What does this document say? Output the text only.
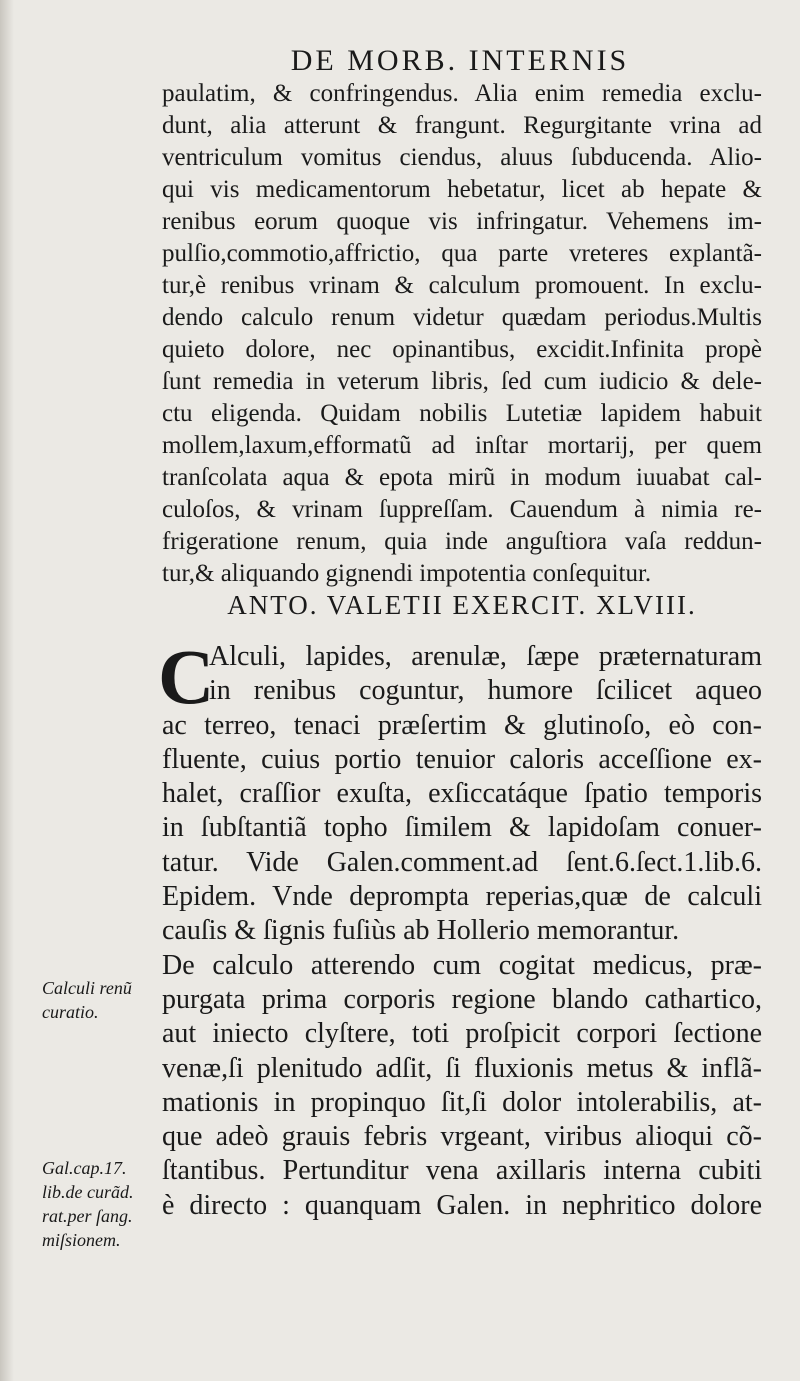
DE MORB. INTERNIS
paulatim, & confringendus. Alia enim remedia exclu-
dunt, alia atterunt & frangunt. Regurgitante vrina ad
ventriculum vomitus ciendus, aluus ſubducenda. Alio-
qui vis medicamentorum hebetatur, licet ab hepate &
renibus eorum quoque vis infringatur. Vehemens im-
pulſio,commotio,affrictio, qua parte vreteres explantã-
tur,è renibus vrinam & calculum promouent. In exclu-
dendo calculo renum videtur quædam periodus.Multis
quieto dolore, nec opinantibus, excidit.Infinita propè
ſunt remedia in veterum libris, ſed cum iudicio & dele-
ctu eligenda. Quidam nobilis Lutetiæ lapidem habuit
mollem,laxum,efformatũ ad inſtar mortarij, per quem
tranſcolata aqua & epota mirũ in modum iuuabat cal-
culoſos, & vrinam ſuppreſſam. Cauendum à nimia re-
frigeratione renum, quia inde anguſtiora vaſa reddun-
tur,& aliquando gignendi impotentia conſequitur.
ANTO. VALETII EXERCIT. XLVIII.
C
Alculi, lapides, arenulæ, ſæpe præternaturam
in renibus coguntur, humore ſcilicet aqueo
ac terreo, tenaci præſertim & glutinoſo, eò con-
fluente, cuius portio tenuior caloris acceſſione ex-
halet, craſſior exuſta, exſiccatáque ſpatio temporis
in ſubſtantiã topho ſimilem & lapidoſam conuer-
tatur. Vide Galen.comment.ad ſent.6.ſect.1.lib.6.
Epidem. Vnde deprompta reperias,quæ de calculi
cauſis & ſignis fuſiùs ab Hollerio memorantur.
De calculo atterendo cum cogitat medicus, præ-
purgata prima corporis regione blando cathartico,
aut iniecto clyſtere, toti proſpicit corpori ſectione
venæ,ſi plenitudo adſit, ſi fluxionis metus & inflã-
mationis in propinquo ſit,ſi dolor intolerabilis, at-
que adeò grauis febris vrgeant, viribus alioqui cõ-
ſtantibus. Pertunditur vena axillaris interna cubiti
è directo : quanquam Galen. in nephritico dolore
Calculi renũ
curatio.
Gal.cap.17.
lib.de curãd.
rat.per ſang.
miſsionem.
